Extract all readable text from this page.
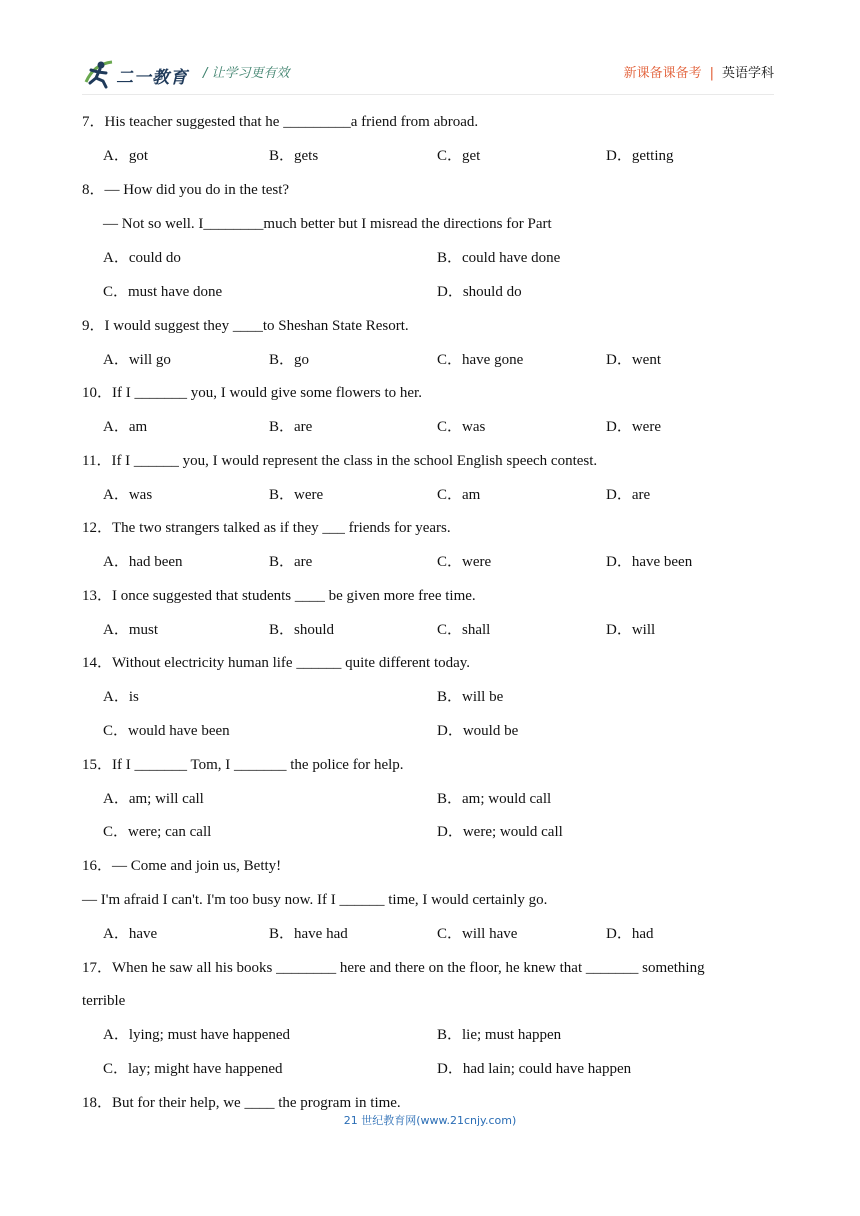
二一教育 / 让学习更有效	新课备课备考 | 英语学科
7．His teacher suggested that he _________a friend from abroad.
A．got	B．gets	C．get	D．getting
8．— How did you do in the test?
— Not so well. I________much better but I misread the directions for Part
A．could do	B．could have done
C．must have done	D．should do
9．I would suggest they ____to Sheshan State Resort.
A．will go	B．go	C．have gone	D．went
10．If I _______ you, I would give some flowers to her.
A．am	B．are	C．was	D．were
11．If I ______ you, I would represent the class in the school English speech contest.
A．was	B．were	C．am	D．are
12．The two strangers talked as if they ___ friends for years.
A．had been	B．are	C．were	D．have been
13．I once suggested that students ____ be given more free time.
A．must	B．should	C．shall	D．will
14．Without electricity human life ______ quite different today.
A．is	B．will be
C．would have been	D．would be
15．If I _______ Tom, I _______ the police for help.
A．am; will call	B．am; would call
C．were; can call	D．were; would call
16．— Come and join us, Betty!
— I'm afraid I can't. I'm too busy now. If I ______ time, I would certainly go.
A．have	B．have had	C．will have	D．had
17．When he saw all his books ________ here and there on the floor, he knew that _______ something
terrible
A．lying; must have happened	B．lie; must happen
C．lay; might have happened	D．had lain; could have happen
18．But for their help, we ____ the program in time.
21 世纪教育网(www.21cnjy.com)
